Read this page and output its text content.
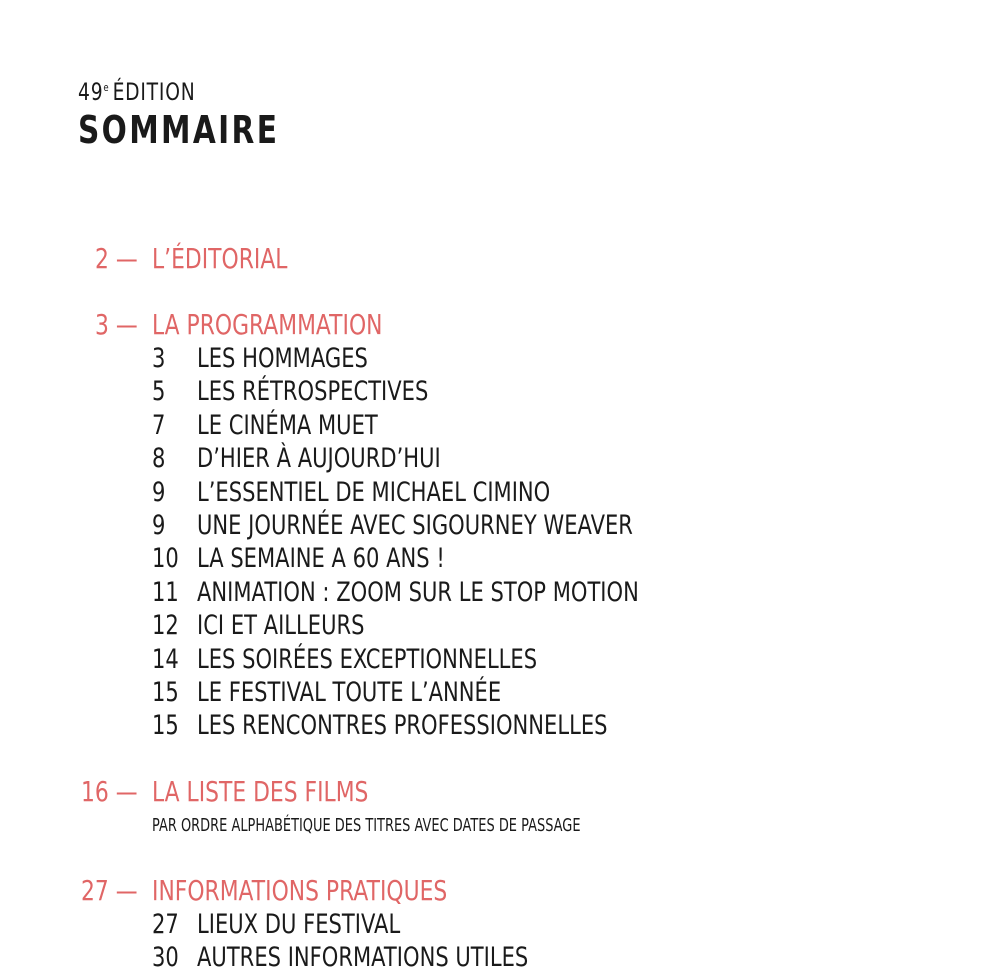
49e ÉDITION
SOMMAIRE
2 — L’ÉDITORIAL
3 — LA PROGRAMMATION
3 LES HOMMAGES
5 LES RÉTROSPECTIVES
7 LE CINÉMA MUET
8 D’HIER À AUJOURD’HUI
9 L’ESSENTIEL DE MICHAEL CIMINO
9 UNE JOURNÉE AVEC SIGOURNEY WEAVER
10 LA SEMAINE A 60 ANS !
11 ANIMATION : ZOOM SUR LE STOP MOTION
12 ICI ET AILLEURS
14 LES SOIRÉES EXCEPTIONNELLES
15 LE FESTIVAL TOUTE L’ANNÉE
15 LES RENCONTRES PROFESSIONNELLES
16 — LA LISTE DES FILMS
PAR ORDRE ALPHABÉTIQUE DES TITRES AVEC DATES DE PASSAGE
27 — INFORMATIONS PRATIQUES
27 LIEUX DU FESTIVAL
30 AUTRES INFORMATIONS UTILES
